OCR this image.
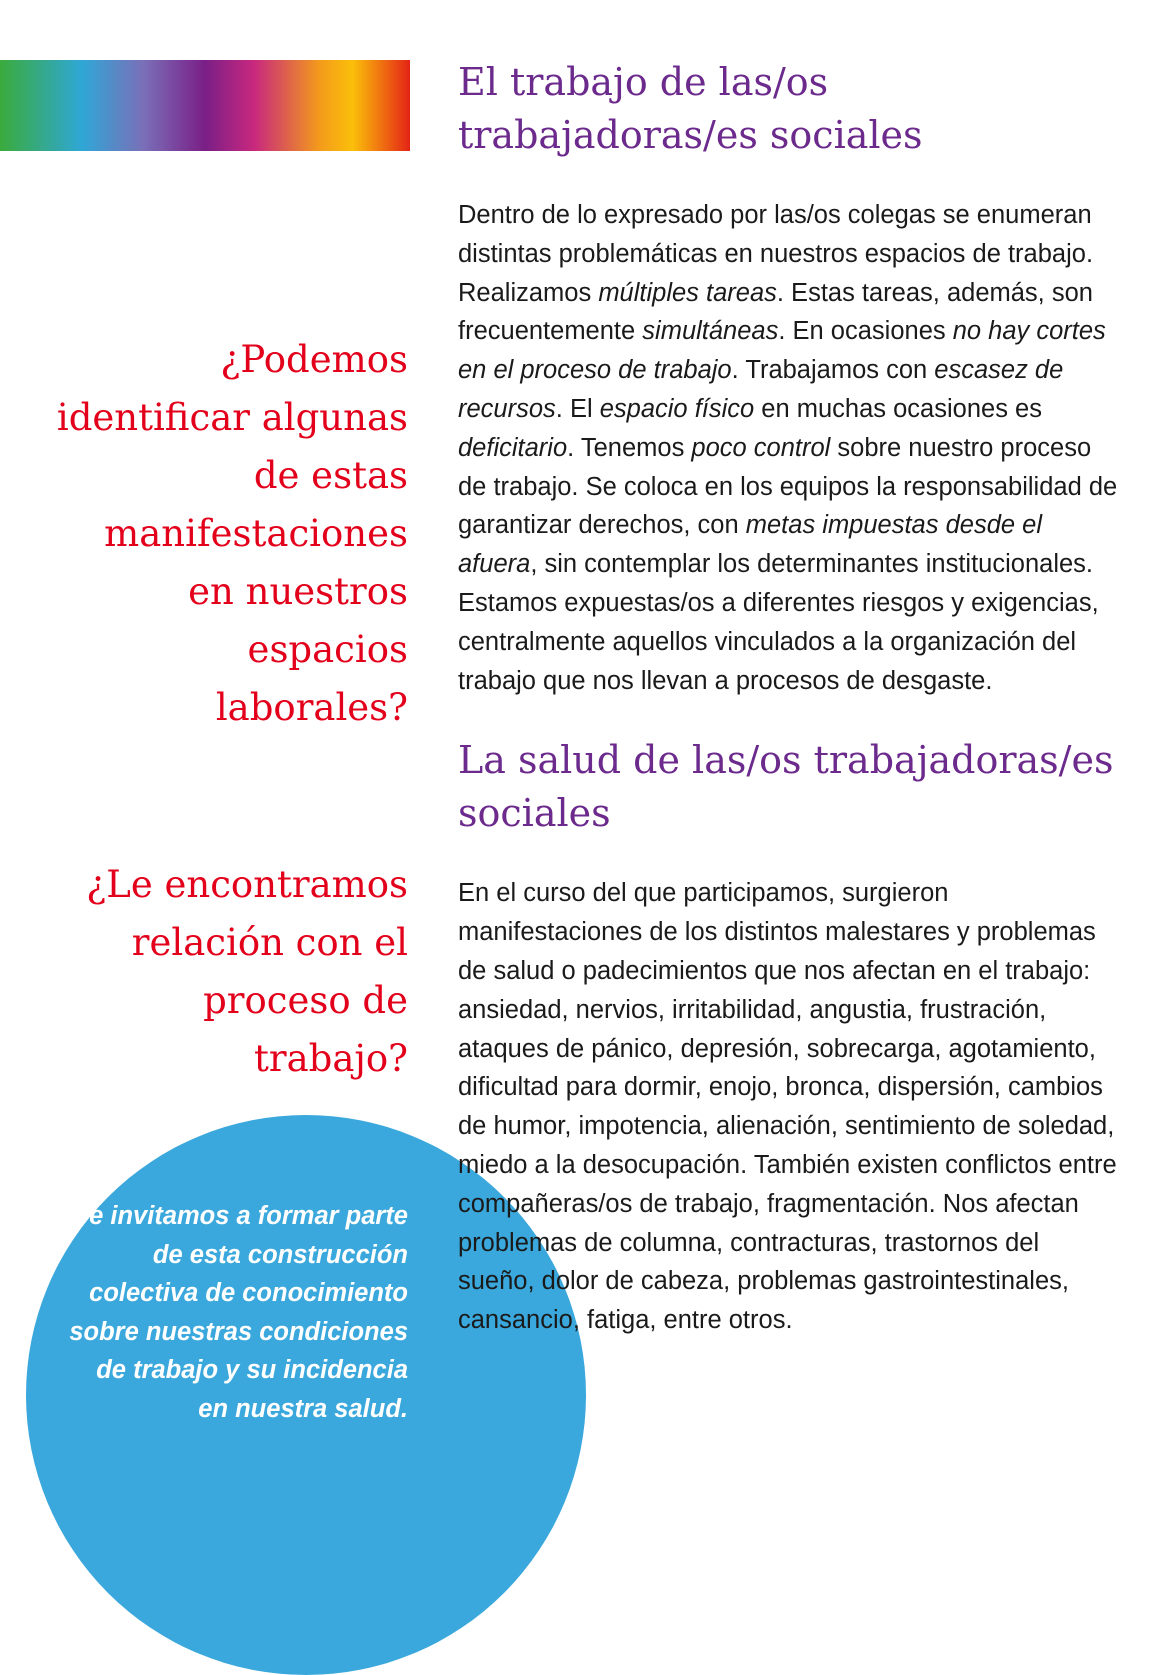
¿Podemos identificar algunas de estas manifestaciones en nuestros espacios laborales?

¿Le encontramos relación con el proceso de trabajo?

Te invitamos a formar parte de esta construcción colectiva de conocimiento sobre nuestras condiciones de trabajo y su incidencia en nuestra salud.

El trabajo de las/os trabajadoras/es sociales

Dentro de lo expresado por las/os colegas se enumeran distintas problemáticas en nuestros espacios de trabajo. Realizamos múltiples tareas. Estas tareas, además, son frecuentemente simultáneas. En ocasiones no hay cortes en el proceso de trabajo. Trabajamos con escasez de recursos. El espacio físico en muchas ocasiones es deficitario. Tenemos poco control sobre nuestro proceso de trabajo. Se coloca en los equipos la responsabilidad de garantizar derechos, con metas impuestas desde el afuera, sin contemplar los determinantes institucionales. Estamos expuestas/os a diferentes riesgos y exigencias, centralmente aquellos vinculados a la organización del trabajo que nos llevan a procesos de desgaste.

La salud de las/os trabajadoras/es sociales

En el curso del que participamos, surgieron manifestaciones de los distintos malestares y problemas de salud o padecimientos que nos afectan en el trabajo: ansiedad, nervios, irritabilidad, angustia, frustración, ataques de pánico, depresión, sobrecarga, agotamiento, dificultad para dormir, enojo, bronca, dispersión, cambios de humor, impotencia, alienación, sentimiento de soledad, miedo a la desocupación. También existen conflictos entre compañeras/os de trabajo, fragmentación. Nos afectan problemas de columna, contracturas, trastornos del sueño, dolor de cabeza, problemas gastrointestinales, cansancio, fatiga, entre otros.
